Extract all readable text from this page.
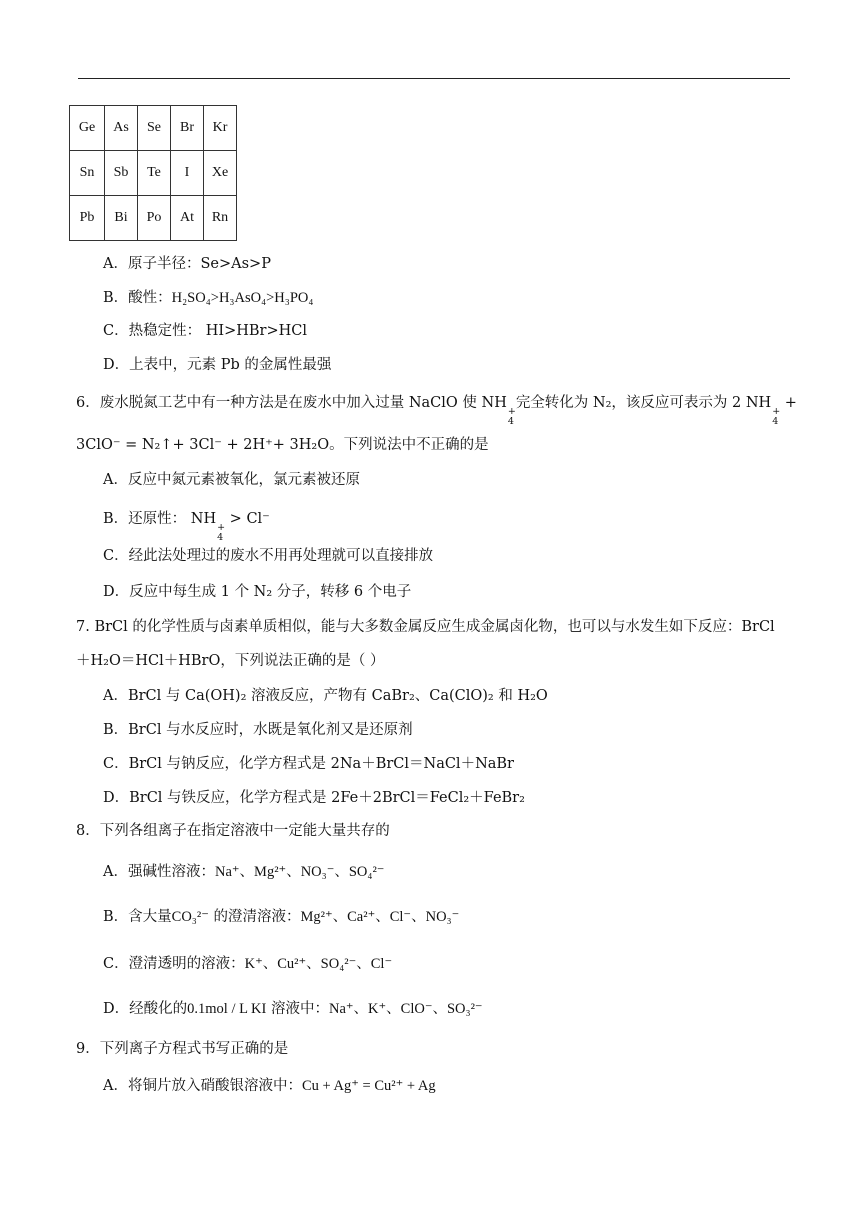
Ge	As	Se	Br	Kr
Sn	Sb	Te	I	Xe
Pb	Bi	Po	At	Rn
A．原子半径：Se>As>P
B．酸性：H₂SO₄>H₃AsO₄>H₃PO₄
C．热稳定性： HI>HBr>HCl
D．上表中，元素 Pb 的金属性最强
6．废水脱氮工艺中有一种方法是在废水中加入过量 NaClO 使 NH
+
4
完全转化为 N₂，该反应可表示为 2 NH
+
4
+
3ClO⁻ = N₂↑+ 3Cl⁻ + 2H⁺+ 3H₂O。下列说法中不正确的是
A．反应中氮元素被氧化，氯元素被还原
B．还原性： NH
+
4
> Cl⁻
C．经此法处理过的废水不用再处理就可以直接排放
D．反应中每生成 1 个 N₂ 分子，转移 6 个电子
7. BrCl 的化学性质与卤素单质相似，能与大多数金属反应生成金属卤化物，也可以与水发生如下反应：BrCl
＋H₂O＝HCl＋HBrO，下列说法正确的是（ ）
A．BrCl 与 Ca(OH)₂ 溶液反应，产物有 CaBr₂、Ca(ClO)₂ 和 H₂O
B．BrCl 与水反应时，水既是氧化剂又是还原剂
C．BrCl 与钠反应，化学方程式是 2Na＋BrCl＝NaCl＋NaBr
D．BrCl 与铁反应，化学方程式是 2Fe＋2BrCl＝FeCl₂＋FeBr₂
8．下列各组离子在指定溶液中一定能大量共存的
A．强碱性溶液：Na⁺、Mg²⁺、NO₃⁻、SO₄²⁻
B．含大量CO₃²⁻ 的澄清溶液：Mg²⁺、Ca²⁺、Cl⁻、NO₃⁻
C．澄清透明的溶液：K⁺、Cu²⁺、SO₄²⁻、Cl⁻
D．经酸化的0.1mol / L KI 溶液中：Na⁺、K⁺、ClO⁻、SO₃²⁻
9．下列离子方程式书写正确的是
A．将铜片放入硝酸银溶液中：Cu + Ag⁺ = Cu²⁺ + Ag
